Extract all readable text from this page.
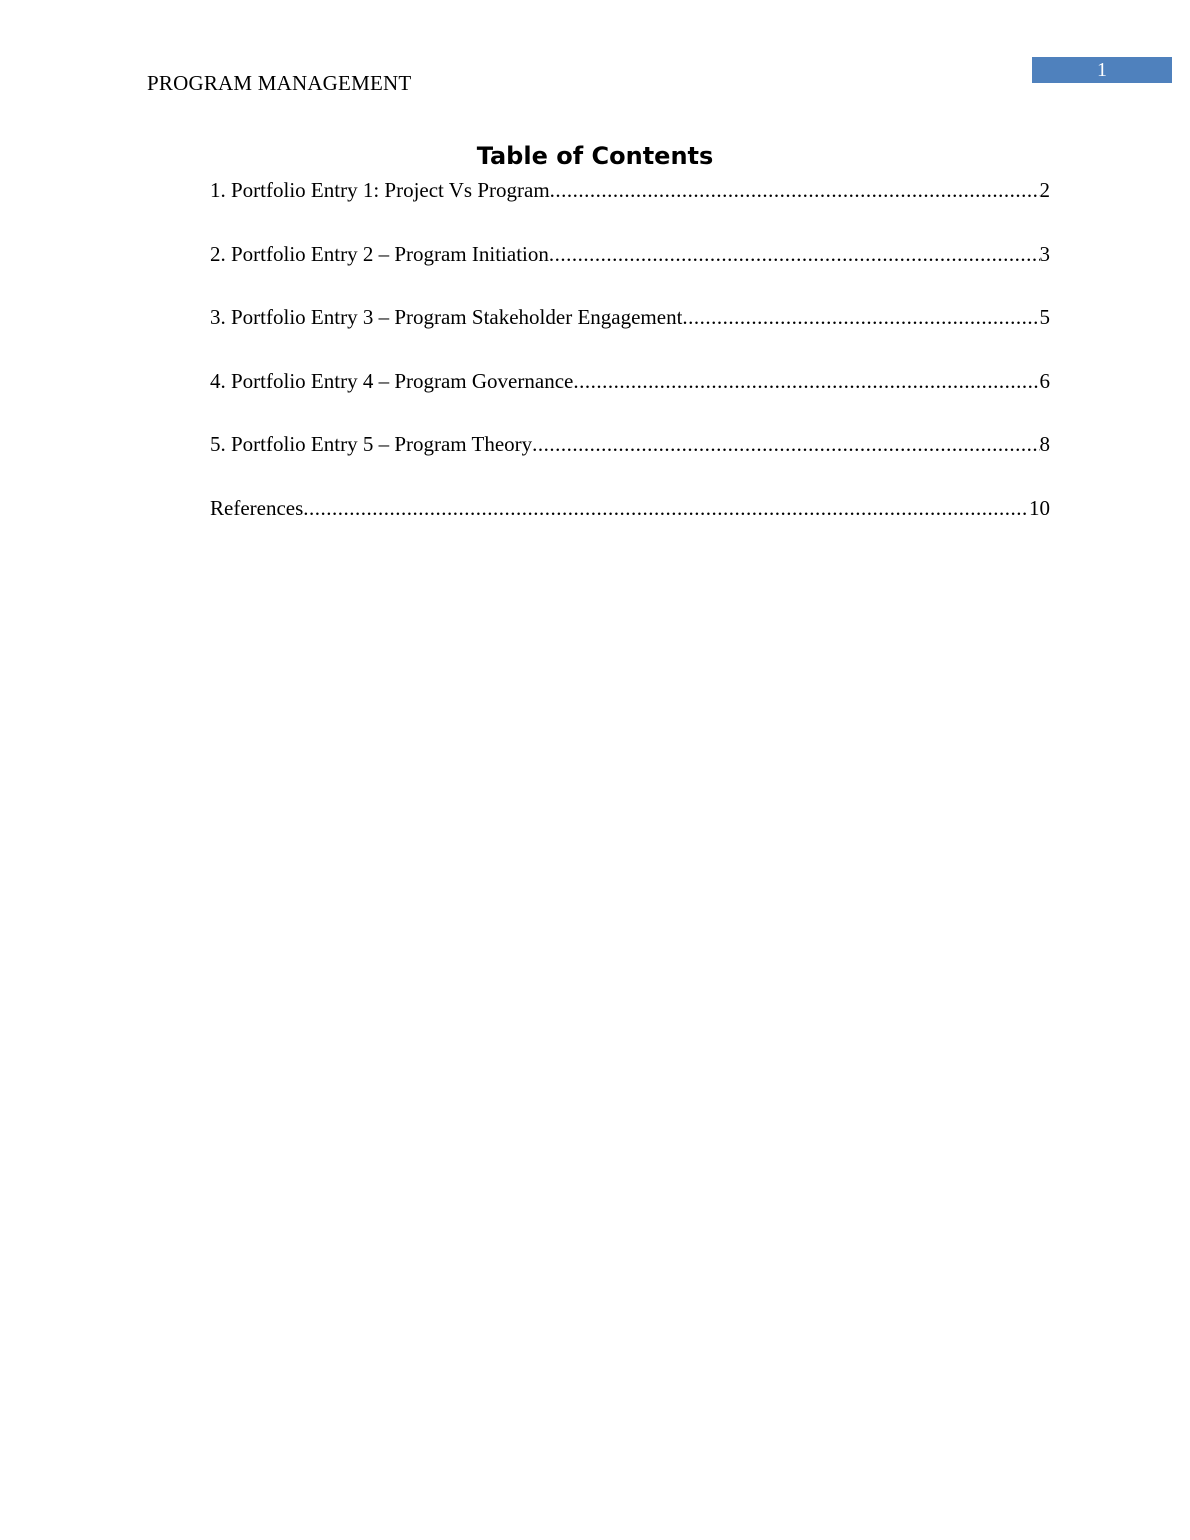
PROGRAM MANAGEMENT
1
Table of Contents
1. Portfolio Entry 1: Project Vs Program .....	2
2. Portfolio Entry 2 – Program Initiation .....	3
3. Portfolio Entry 3 – Program Stakeholder Engagement .....	5
4. Portfolio Entry 4 – Program Governance .....	6
5. Portfolio Entry 5 – Program Theory .....	8
References .....	10
